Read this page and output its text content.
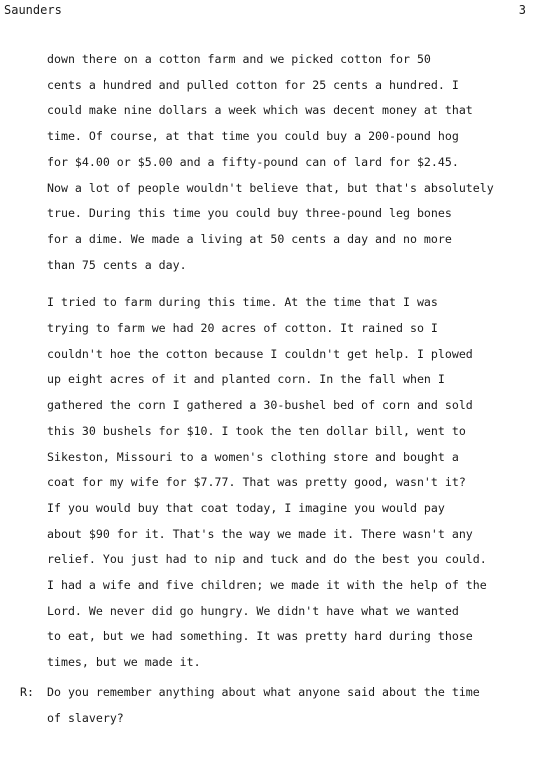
Saunders	3
down there on a cotton farm and we picked cotton for 50
cents a hundred and pulled cotton for 25 cents a hundred. I
could make nine dollars a week which was decent money at that
time. Of course, at that time you could buy a 200-pound hog
for $4.00 or $5.00 and a fifty-pound can of lard for $2.45.
Now a lot of people wouldn't believe that, but that's absolutely
true. During this time you could buy three-pound leg bones
for a dime. We made a living at 50 cents a day and no more
than 75 cents a day.
I tried to farm during this time. At the time that I was
trying to farm we had 20 acres of cotton. It rained so I
couldn't hoe the cotton because I couldn't get help. I plowed
up eight acres of it and planted corn. In the fall when I
gathered the corn I gathered a 30-bushel bed of corn and sold
this 30 bushels for $10. I took the ten dollar bill, went to
Sikeston, Missouri to a women's clothing store and bought a
coat for my wife for $7.77. That was pretty good, wasn't it?
If you would buy that coat today, I imagine you would pay
about $90 for it. That's the way we made it. There wasn't any
relief. You just had to nip and tuck and do the best you could.
I had a wife and five children; we made it with the help of the
Lord. We never did go hungry. We didn't have what we wanted
to eat, but we had something. It was pretty hard during those
times, but we made it.
R: Do you remember anything about what anyone said about the time
of slavery?
